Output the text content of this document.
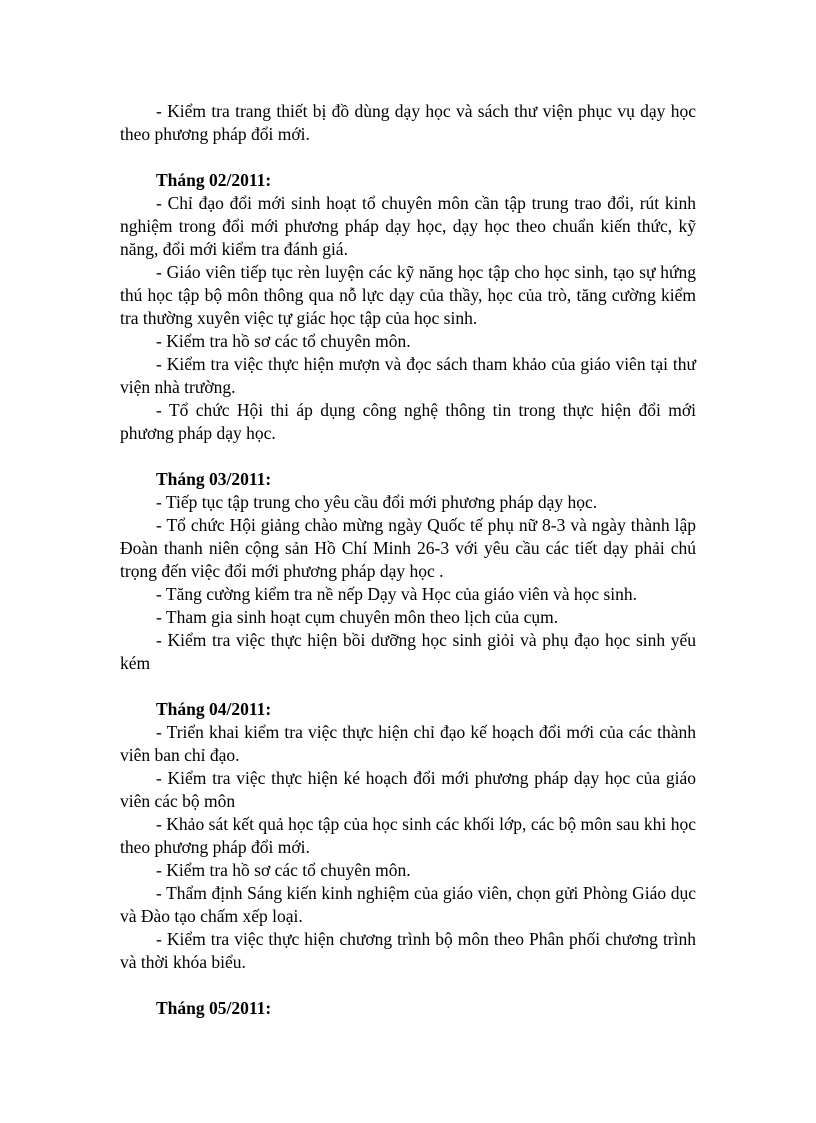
- Kiểm tra trang thiết bị đồ dùng dạy học và sách thư viện phục vụ dạy học theo phương pháp đổi mới.

Tháng 02/2011:

- Chỉ đạo đổi mới sinh hoạt tổ chuyên môn cần tập trung trao đổi, rút kinh nghiệm trong đổi mới phương pháp dạy học, dạy học theo chuẩn kiến thức, kỹ năng, đổi mới kiểm tra đánh giá.

- Giáo viên tiếp tục rèn luyện các kỹ năng học tập cho học sinh, tạo sự hứng thú học tập bộ môn thông qua nỗ lực dạy của thầy, học của trò, tăng cường kiểm tra thường xuyên việc tự giác học tập của học sinh.

- Kiểm tra hồ sơ các tổ chuyên môn.

- Kiểm tra việc thực hiện mượn và đọc sách tham khảo của giáo viên tại thư viện nhà trường.

- Tổ chức Hội thi áp dụng công nghệ thông tin trong thực hiện đổi mới phương pháp dạy học.

Tháng 03/2011:

- Tiếp tục tập trung cho yêu cầu đổi mới phương pháp dạy học.

- Tổ chức Hội giảng chào mừng ngày Quốc tế phụ nữ 8-3 và ngày thành lập Đoàn thanh niên cộng sản Hồ Chí Minh 26-3 với yêu cầu các tiết dạy phải chú trọng đến việc đổi mới phương pháp dạy học .

- Tăng cường kiểm tra nề nếp Dạy và Học của giáo viên và học sinh.

- Tham gia sinh hoạt cụm chuyên môn theo lịch của cụm.

- Kiểm tra việc thực hiện bồi dưỡng học sinh giỏi và phụ đạo học sinh yếu kém

Tháng 04/2011:

- Triển khai kiểm tra việc thực hiện chỉ đạo kế hoạch đổi mới của các thành viên ban chỉ đạo.

- Kiểm tra việc thực hiện ké hoạch đổi mới phương pháp dạy học của giáo viên các bộ môn

- Khảo sát kết quả học tập của học sinh các khối lớp, các bộ môn sau khi học theo phương pháp đổi mới.

- Kiểm tra hồ sơ các tổ chuyên môn.

- Thẩm định Sáng kiến kinh nghiệm của giáo viên, chọn gửi Phòng Giáo dục và Đào tạo chấm xếp loại.

- Kiểm tra việc thực hiện chương trình bộ môn theo Phân phối chương trình và thời khóa biểu.

Tháng 05/2011:
